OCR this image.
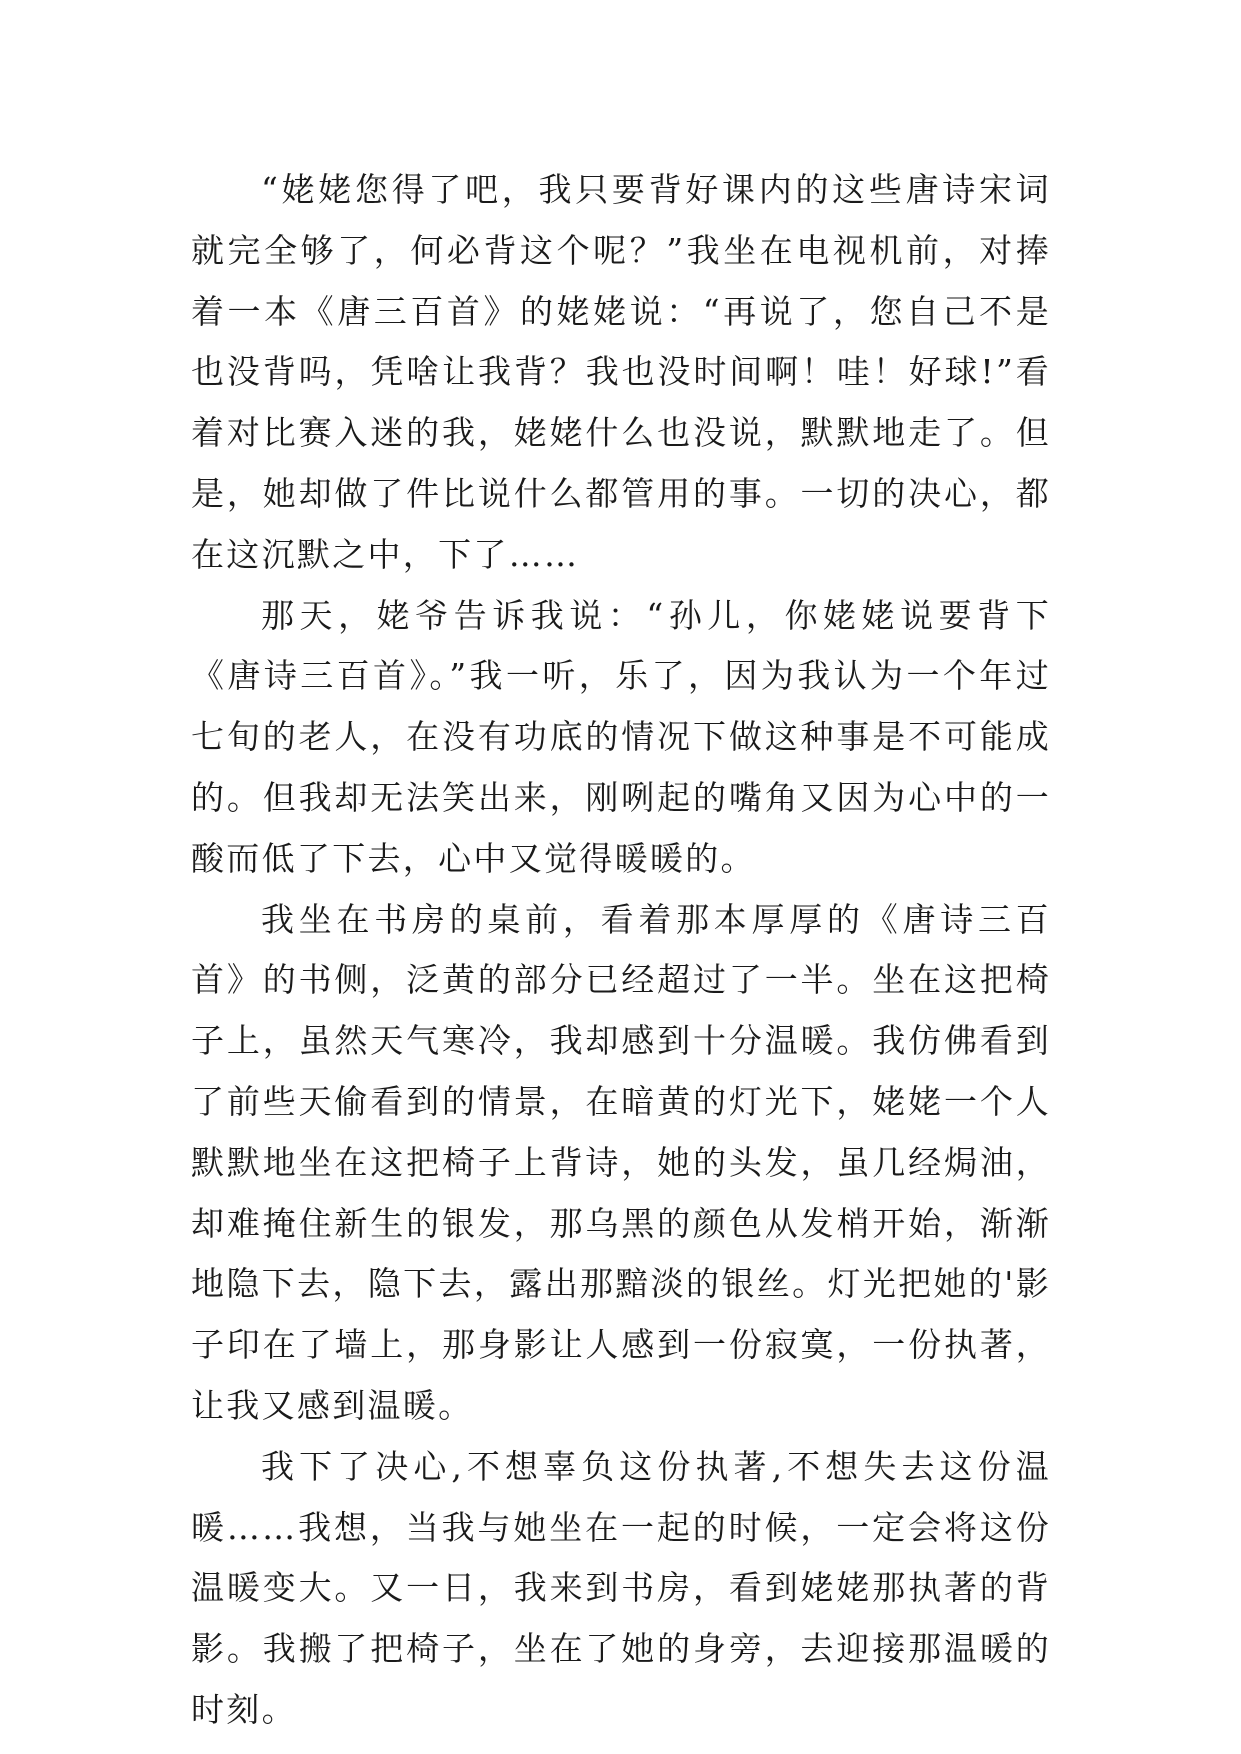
“姥姥您得了吧，我只要背好课内的这些唐诗宋词就完全够了，何必背这个呢？”我坐在电视机前，对捧着一本《唐三百首》的姥姥说：“再说了，您自己不是也没背吗，凭啥让我背？我也没时间啊！哇！好球!”看着对比赛入迷的我，姥姥什么也没说，默默地走了。但是，她却做了件比说什么都管用的事。一切的决心，都在这沉默之中，下了……

那天，姥爷告诉我说：“孙儿，你姥姥说要背下《唐诗三百首》。”我一听，乐了，因为我认为一个年过七旬的老人，在没有功底的情况下做这种事是不可能成的。但我却无法笑出来，刚咧起的嘴角又因为心中的一酸而低了下去，心中又觉得暖暖的。

我坐在书房的桌前，看着那本厚厚的《唐诗三百首》的书侧，泛黄的部分已经超过了一半。坐在这把椅子上，虽然天气寒冷，我却感到十分温暖。我仿佛看到了前些天偷看到的情景，在暗黄的灯光下，姥姥一个人默默地坐在这把椅子上背诗，她的头发，虽几经焗油，却难掩住新生的银发，那乌黑的颜色从发梢开始，渐渐地隐下去，隐下去，露出那黯淡的银丝。灯光把她的'影子印在了墙上，那身影让人感到一份寂寞，一份执著，让我又感到温暖。

我下了决心,不想辜负这份执著,不想失去这份温暖……我想，当我与她坐在一起的时候，一定会将这份温暖变大。又一日，我来到书房，看到姥姥那执著的背影。我搬了把椅子，坐在了她的身旁，去迎接那温暖的时刻。
